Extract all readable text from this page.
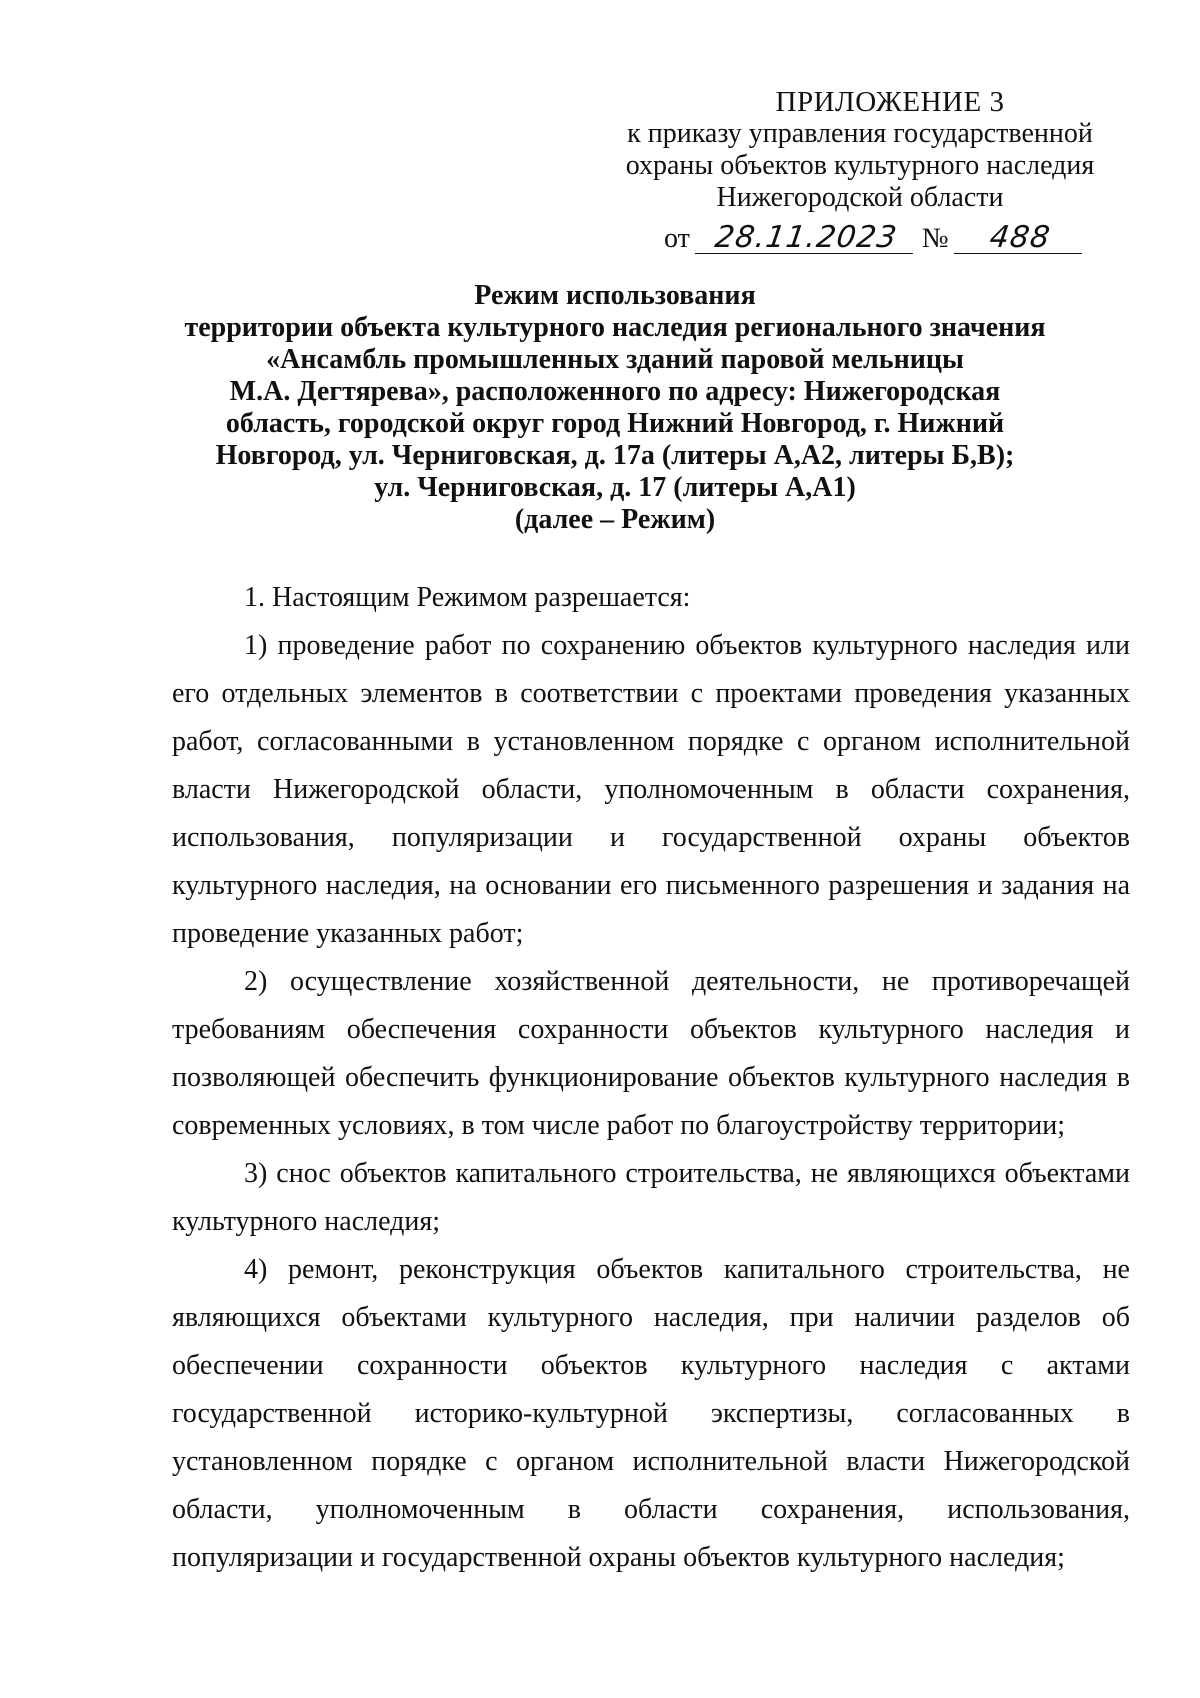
ПРИЛОЖЕНИЕ 3
к приказу управления государственной
охраны объектов культурного наследия
Нижегородской области
от 28.11.2023 № 488
Режим использования
территории объекта культурного наследия регионального значения
«Ансамбль промышленных зданий паровой мельницы
М.А. Дегтярева», расположенного по адресу: Нижегородская
область, городской округ город Нижний Новгород, г. Нижний
Новгород, ул. Черниговская, д. 17а (литеры А,А2, литеры Б,В);
ул. Черниговская, д. 17 (литеры А,А1)
(далее – Режим)

1. Настоящим Режимом разрешается:

1) проведение работ по сохранению объектов культурного наследия или его отдельных элементов в соответствии с проектами проведения указанных работ, согласованными в установленном порядке с органом исполнительной власти Нижегородской области, уполномоченным в области сохранения, использования, популяризации и государственной охраны объектов культурного наследия, на основании его письменного разрешения и задания на проведение указанных работ;

2) осуществление хозяйственной деятельности, не противоречащей требованиям обеспечения сохранности объектов культурного наследия и позволяющей обеспечить функционирование объектов культурного наследия в современных условиях, в том числе работ по благоустройству территории;

3) снос объектов капитального строительства, не являющихся объектами культурного наследия;

4) ремонт, реконструкция объектов капитального строительства, не являющихся объектами культурного наследия, при наличии разделов об обеспечении сохранности объектов культурного наследия с актами государственной историко-культурной экспертизы, согласованных в установленном порядке с органом исполнительной власти Нижегородской области, уполномоченным в области сохранения, использования, популяризации и государственной охраны объектов культурного наследия;
